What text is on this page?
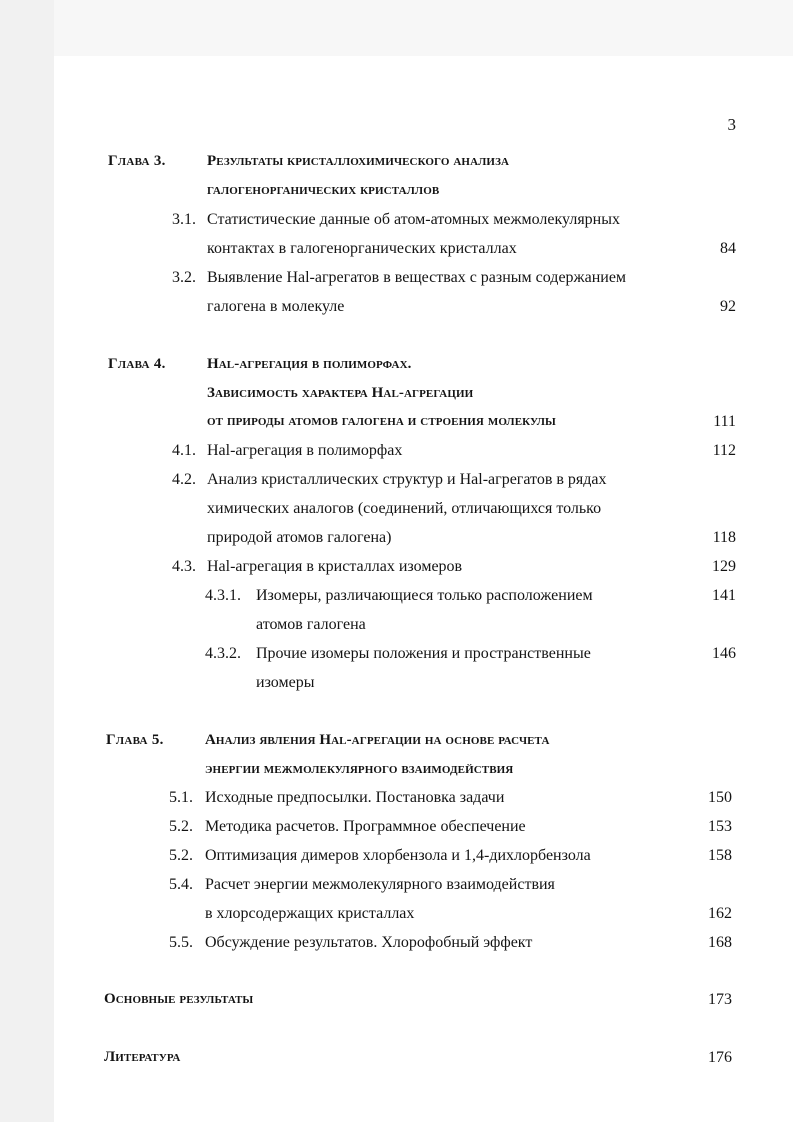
3
Глава 3.	Результаты кристаллохимического анализа
галогенорганических кристаллов
3.1. Статистические данные об атом-атомных межмолекулярных
контактах в галогенорганических кристаллах	84
3.2. Выявление Hal-агрегатов в веществах с разным содержанием
галогена в молекуле	92
Глава 4.	Hal-агрегация в полиморфах.
Зависимость характера Hal-агрегации
от природы атомов галогена и строения молекулы	111
4.1. Hal-агрегация в полиморфах	112
4.2. Анализ кристаллических структур и Hal-агрегатов в рядах
химических аналогов (соединений, отличающихся только
природой атомов галогена)	118
4.3. Hal-агрегация в кристаллах изомеров	129
4.3.1. Изомеры, различающиеся только расположением	141
атомов галогена
4.3.2. Прочие изомеры положения и пространственные	146
изомеры
Глава 5.	Анализ явления Hal-агрегации на основе расчета
энергии межмолекулярного взаимодействия
5.1. Исходные предпосылки. Постановка задачи	150
5.2. Методика расчетов. Программное обеспечение	153
5.2. Оптимизация димеров хлорбензола и 1,4-дихлорбензола	158
5.4. Расчет энергии межмолекулярного взаимодействия
в хлорсодержащих кристаллах	162
5.5. Обсуждение результатов. Хлорофобный эффект	168
Основные результаты	173
Литература	176
